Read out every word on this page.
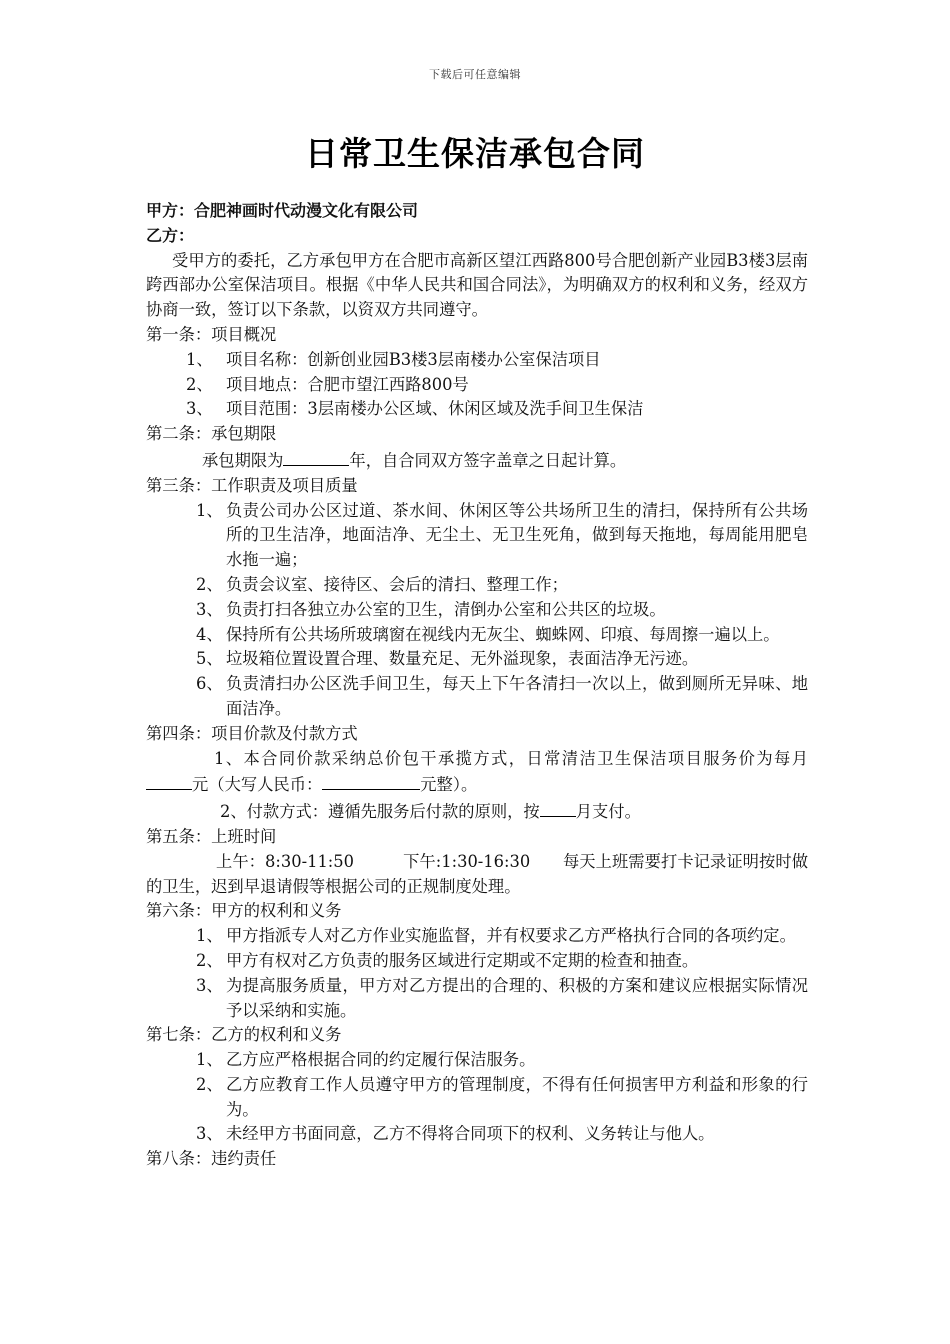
下载后可任意编辑
日常卫生保洁承包合同

甲方：合肥神画时代动漫文化有限公司

乙方：

受甲方的委托，乙方承包甲方在合肥市高新区望江西路800号合肥创新产业园B3楼3层南跨西部办公室保洁项目。根据《中华人民共和国合同法》，为明确双方的权利和义务，经双方协商一致，签订以下条款，以资双方共同遵守。

第一条：项目概况

1、 项目名称：创新创业园B3楼3层南楼办公室保洁项目
2、 项目地点：合肥市望江西路800号
3、 项目范围：3层南楼办公区域、休闲区域及洗手间卫生保洁

第二条：承包期限

承包期限为	年，自合同双方签字盖章之日起计算。

第三条：工作职责及项目质量

1、 负责公司办公区过道、茶水间、休闲区等公共场所卫生的清扫，保持所有公共场所的卫生洁净，地面洁净、无尘土、无卫生死角，做到每天拖地，每周能用肥皂水拖一遍；
2、 负责会议室、接待区、会后的清扫、整理工作；
3、 负责打扫各独立办公室的卫生，清倒办公室和公共区的垃圾。
4、 保持所有公共场所玻璃窗在视线内无灰尘、蜘蛛网、印痕、每周擦一遍以上。
5、 垃圾箱位置设置合理、数量充足、无外溢现象，表面洁净无污迹。
6、 负责清扫办公区洗手间卫生，每天上下午各清扫一次以上，做到厕所无异味、地面洁净。

第四条：项目价款及付款方式

1、本合同价款采纳总价包干承揽方式，日常清洁卫生保洁项目服务价为每月 元（大写人民币：	元整）。

2、付款方式：遵循先服务后付款的原则，按 月支付。

第五条：上班时间

上午：8:30-11:50　　　下午:1:30-16:30　　每天上班需要打卡记录证明按时做的卫生，迟到早退请假等根据公司的正规制度处理。

第六条：甲方的权利和义务

1、 甲方指派专人对乙方作业实施监督，并有权要求乙方严格执行合同的各项约定。
2、 甲方有权对乙方负责的服务区域进行定期或不定期的检查和抽查。
3、 为提高服务质量，甲方对乙方提出的合理的、积极的方案和建议应根据实际情况予以采纳和实施。

第七条：乙方的权利和义务

1、 乙方应严格根据合同的约定履行保洁服务。
2、 乙方应教育工作人员遵守甲方的管理制度，不得有任何损害甲方利益和形象的行为。
3、 未经甲方书面同意，乙方不得将合同项下的权利、义务转让与他人。

第八条：违约责任
